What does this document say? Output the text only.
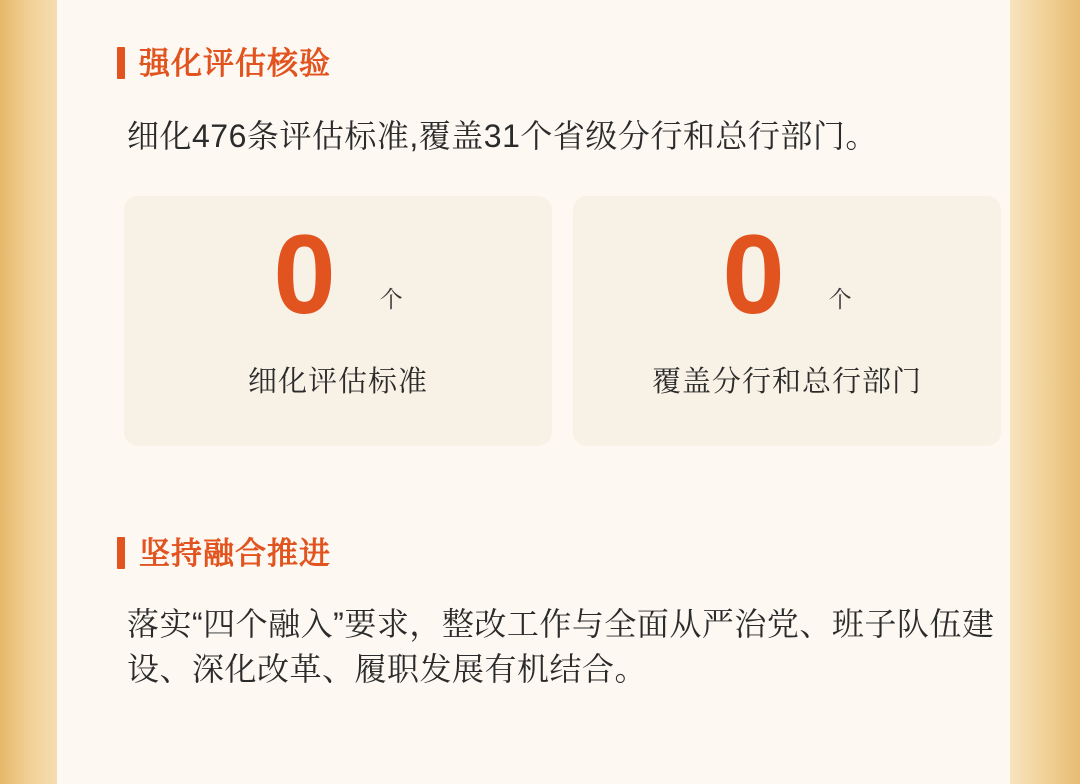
强化评估核验
细化476条评估标准,覆盖31个省级分行和总行部门。
0 个
细化评估标准
0 个
覆盖分行和总行部门
坚持融合推进
落实“四个融入”要求，整改工作与全面从严治党、班子队伍建设、深化改革、履职发展有机结合。
